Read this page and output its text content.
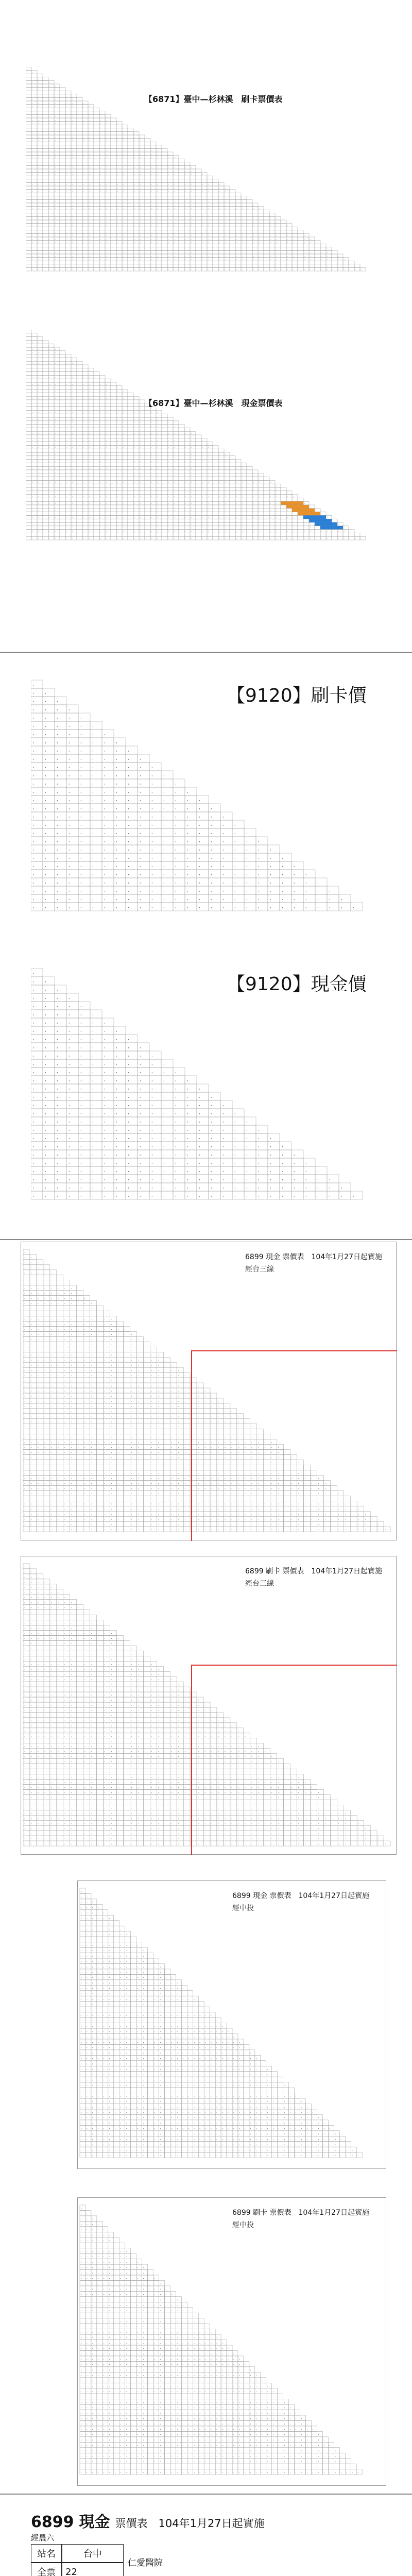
·
· ·
· · ·
· · · ·
· · · · ·
· · · · · ·
· · · · · · ·
· · · · · · · ·
· · · · · · · · ·
· · · · · · · · · ·
· · · · · · · · · · ·
· · · · · · · · · · · ·
· · · · · · · · · · · · ·
· · · · · · · · · · · · · ·
· · · · · · · · · · · · · · ·
· · · · · · · · · · · · · · · ·
· · · · · · · · · · · · · · · · ·
· · · · · · · · · · · · · · · · · ·
· · · · · · · · · · · · · · · · · · ·
· · · · · · · · · · · · · · · · · · · ·
· · · · · · · · · · · · · · · · · · · · ·
· · · · · · · · · · · · · · · · · · · · · ·
· · · · · · · · · · · · · · · · · · · · · · ·
· · · · · · · · · · · · · · · · · · · · · · · ·
· · · · · · · · · · · · · · · · · · · · · · · · ·
· · · · · · · · · · · · · · · · · · · · · · · · · ·
· · · · · · · · · · · · · · · · · · · · · · · · · · ·
· · · · · · · · · · · · · · · · · · · · · · · · · · · ·
· · · · · · · · · · · · · · · · · · · · · · · · · · · · ·
· · · · · · · · · · · · · · · · · · · · · · · · · · · · · ·
· · · · · · · · · · · · · · · · · · · · · · · · · · · · · · ·
· · · · · · · · · · · · · · · · · · · · · · · · · · · · · · · ·
· · · · · · · · · · · · · · · · · · · · · · · · · · · · · · · · ·
· · · · · · · · · · · · · · · · · · · · · · · · · · · · · · · · · ·
· · · · · · · · · · · · · · · · · · · · · · · · · · · · · · · · · · ·
· · · · · · · · · · · · · · · · · · · · · · · · · · · · · · · · · · · ·
· · · · · · · · · · · · · · · · · · · · · · · · · · · · · · · · · · · · ·
· · · · · · · · · · · · · · · · · · · · · · · · · · · · · · · · · · · · · ·
· · · · · · · · · · · · · · · · · · · · · · · · · · · · · · · · · · · · · · ·
· · · · · · · · · · · · · · · · · · · · · · · · · · · · · · · · · · · · · · · ·
· · · · · · · · · · · · · · · · · · · · · · · · · · · · · · · · · · · · · · · · ·
· · · · · · · · · · · · · · · · · · · · · · · · · · · · · · · · · · · · · · · · · ·
· · · · · · · · · · · · · · · · · · · · · · · · · · · · · · · · · · · · · · · · · · ·
· · · · · · · · · · · · · · · · · · · · · · · · · · · · · · · · · · · · · · · · · · · ·
· · · · · · · · · · · · · · · · · · · · · · · · · · · · · · · · · · · · · · · · · · · · ·
· · · · · · · · · · · · · · · · · · · · · · · · · · · · · · · · · · · · · · · · · · · · · ·
· · · · · · · · · · · · · · · · · · · · · · · · · · · · · · · · · · · · · · · · · · · · · · ·
· · · · · · · · · · · · · · · · · · · · · · · · · · · · · · · · · · · · · · · · · · · · · · · ·
· · · · · · · · · · · · · · · · · · · · · · · · · · · · · · · · · · · · · · · · · · · · · · · · ·
· · · · · · · · · · · · · · · · · · · · · · · · · · · · · · · · · · · · · · · · · · · · · · · · · ·
· · · · · · · · · · · · · · · · · · · · · · · · · · · · · · · · · · · · · · · · · · · · · · · · · · ·
· · · · · · · · · · · · · · · · · · · · · · · · · · · · · · · · · · · · · · · · · · · · · · · · · · · ·
· · · · · · · · · · · · · · · · · · · · · · · · · · · · · · · · · · · · · · · · · · · · · · · · · · · · ·
· · · · · · · · · · · · · · · · · · · · · · · · · · · · · · · · · · · · · · · · · · · · · · · · · · · · · ·
· · · · · · · · · · · · · · · · · · · · · · · · · · · · · · · · · · · · · · · · · · · · · · · · · · · · · · ·
· · · · · · · · · · · · · · · · · · · · · · · · · · · · · · · · · · · · · · · · · · · · · · · · · · · · · · · ·
· · · · · · · · · · · · · · · · · · · · · · · · · · · · · · · · · · · · · · · · · · · · · · · · · · · · · · · · ·
· · · · · · · · · · · · · · · · · · · · · · · · · · · · · · · · · · · · · · · · · · · · · · · · · · · · · · · · · ·
· · · · · · · · · · · · · · · · · · · · · · · · · · · · · · · · · · · · · · · · · · · · · · · · · · · · · · · · · · ·
· · · · · · · · · · · · · · · · · · · · · · · · · · · · · · · · · · · · · · · · · · · · · · · · · · · · · · · · · · · ·
【6871】臺中—杉林溪　刷卡票價表
·
· ·
· · ·
· · · ·
· · · · ·
· · · · · ·
· · · · · · ·
· · · · · · · ·
· · · · · · · · ·
· · · · · · · · · ·
· · · · · · · · · · ·
· · · · · · · · · · · ·
· · · · · · · · · · · · ·
· · · · · · · · · · · · · ·
· · · · · · · · · · · · · · ·
· · · · · · · · · · · · · · · ·
· · · · · · · · · · · · · · · · ·
· · · · · · · · · · · · · · · · · ·
· · · · · · · · · · · · · · · · · · ·
· · · · · · · · · · · · · · · · · · · ·
· · · · · · · · · · · · · · · · · · · · ·
· · · · · · · · · · · · · · · · · · · · · ·
· · · · · · · · · · · · · · · · · · · · · · ·
· · · · · · · · · · · · · · · · · · · · · · · ·
· · · · · · · · · · · · · · · · · · · · · · · · ·
· · · · · · · · · · · · · · · · · · · · · · · · · ·
· · · · · · · · · · · · · · · · · · · · · · · · · · ·
· · · · · · · · · · · · · · · · · · · · · · · · · · · ·
· · · · · · · · · · · · · · · · · · · · · · · · · · · · ·
· · · · · · · · · · · · · · · · · · · · · · · · · · · · · ·
· · · · · · · · · · · · · · · · · · · · · · · · · · · · · · ·
· · · · · · · · · · · · · · · · · · · · · · · · · · · · · · · ·
· · · · · · · · · · · · · · · · · · · · · · · · · · · · · · · · ·
· · · · · · · · · · · · · · · · · · · · · · · · · · · · · · · · · ·
· · · · · · · · · · · · · · · · · · · · · · · · · · · · · · · · · · ·
· · · · · · · · · · · · · · · · · · · · · · · · · · · · · · · · · · · ·
· · · · · · · · · · · · · · · · · · · · · · · · · · · · · · · · · · · · ·
· · · · · · · · · · · · · · · · · · · · · · · · · · · · · · · · · · · · · ·
· · · · · · · · · · · · · · · · · · · · · · · · · · · · · · · · · · · · · · ·
· · · · · · · · · · · · · · · · · · · · · · · · · · · · · · · · · · · · · · · ·
· · · · · · · · · · · · · · · · · · · · · · · · · · · · · · · · · · · · · · · · ·
· · · · · · · · · · · · · · · · · · · · · · · · · · · · · · · · · · · · · · · · · ·
· · · · · · · · · · · · · · · · · · · · · · · · · · · · · · · · · · · · · · · · · · ·
· · · · · · · · · · · · · · · · · · · · · · · · · · · · · · · · · · · · · · · · · · · ·
· · · · · · · · · · · · · · · · · · · · · · · · · · · · · · · · · · · · · · · · · · · · ·
· · · · · · · · · · · · · · · · · · · · · · · · · · · · · · · · · · · · · · · · · · · · · ·
· · · · · · · · · · · · · · · · · · · · · · · · · · · · · · · · · · · · · · · · · · · · · · ·
· · · · · · · · · · · · · · · · · · · · · · · · · · · · · · · · · · · · · · · · · · · · · · · ·
· · · · · · · · · · · · · · · · · · · · · · · · · · · · · · · · · · · · · · · · · · · · · · · · ·
· · · · · · · · · · · · · · · · · · · · · · · · · · · · · · · · · · · · · · · · · · · · ·	·
· · · · · · · · · · · · · · · · · · · · · · · · · · · · · · · · · · · · · · · · · · · · · ·	·
· · · · · · · · · · · · · · · · · · · · · · · · · · · · · · · · · · · · · · · · · · · · · · ·	·
· · · · · · · · · · · · · · · · · · · · · · · · · · · · · · · · · · · · · · · · · · · · · · · ·	·
· · · · · · · · · · · · · · · · · · · · · · · · · · · · · · · · · · · · · · · · · · · · · · · · ·	·
· · · · · · · · · · · · · · · · · · · · · · · · · · · · · · · · · · · · · · · · · · · · · · · · · ·	·
· · · · · · · · · · · · · · · · · · · · · · · · · · · · · · · · · · · · · · · · · · · · · · · · · · ·	·
· · · · · · · · · · · · · · · · · · · · · · · · · · · · · · · · · · · · · · · · · · · · · · · · · · · ·	·
· · · · · · · · · · · · · · · · · · · · · · · · · · · · · · · · · · · · · · · · · · · · · · · · · · · · · · · · · ·
· · · · · · · · · · · · · · · · · · · · · · · · · · · · · · · · · · · · · · · · · · · · · · · · · · · · · · · · · · ·
· · · · · · · · · · · · · · · · · · · · · · · · · · · · · · · · · · · · · · · · · · · · · · · · · · · · · · · · · · · ·
【6871】臺中—杉林溪　現金票價表
·
· ·
· · ·
· · · ·
· · · · ·
· · · · · ·
· · · · · · ·
· · · · · · · ·
· · · · · · · · ·
· · · · · · · · · ·
· · · · · · · · · · ·
· · · · · · · · · · · ·
· · · · · · · · · · · · ·
· · · · · · · · · · · · · ·
· · · · · · · · · · · · · · ·
· · · · · · · · · · · · · · · ·
· · · · · · · · · · · · · · · · ·
· · · · · · · · · · · · · · · · · ·
· · · · · · · · · · · · · · · · · · ·
· · · · · · · · · · · · · · · · · · · ·
· · · · · · · · · · · · · · · · · · · · ·
· · · · · · · · · · · · · · · · · · · · · ·
· · · · · · · · · · · · · · · · · · · · · · ·
· · · · · · · · · · · · · · · · · · · · · · · ·
· · · · · · · · · · · · · · · · · · · · · · · · ·
· · · · · · · · · · · · · · · · · · · · · · · · · ·
· · · · · · · · · · · · · · · · · · · · · · · · · · ·
· · · · · · · · · · · · · · · · · · · · · · · · · · · ·
【9120】刷卡價
·
· ·
· · ·
· · · ·
· · · · ·
· · · · · ·
· · · · · · ·
· · · · · · · ·
· · · · · · · · ·
· · · · · · · · · ·
· · · · · · · · · · ·
· · · · · · · · · · · ·
· · · · · · · · · · · · ·
· · · · · · · · · · · · · ·
· · · · · · · · · · · · · · ·
· · · · · · · · · · · · · · · ·
· · · · · · · · · · · · · · · · ·
· · · · · · · · · · · · · · · · · ·
· · · · · · · · · · · · · · · · · · ·
· · · · · · · · · · · · · · · · · · · ·
· · · · · · · · · · · · · · · · · · · · ·
· · · · · · · · · · · · · · · · · · · · · ·
· · · · · · · · · · · · · · · · · · · · · · ·
· · · · · · · · · · · · · · · · · · · · · · · ·
· · · · · · · · · · · · · · · · · · · · · · · · ·
· · · · · · · · · · · · · · · · · · · · · · · · · ·
· · · · · · · · · · · · · · · · · · · · · · · · · · ·
· · · · · · · · · · · · · · · · · · · · · · · · · · · ·
【9120】現金價
·
· ·
· · ·
· · · ·
· · · · ·
· · · · · ·
· · · · · · ·
· · · · · · · ·
· · · · · · · · ·
· · · · · · · · · ·
· · · · · · · · · · ·
· · · · · · · · · · · ·
· · · · · · · · · · · · ·
· · · · · · · · · · · · · ·
· · · · · · · · · · · · · · ·
· · · · · · · · · · · · · · · ·
· · · · · · · · · · · · · · · · ·
· · · · · · · · · · · · · · · · · ·
· · · · · · · · · · · · · · · · · · ·
· · · · · · · · · · · · · · · · · · · ·
· · · · · · · · · · · · · · · · · · · · ·
· · · · · · · · · · · · · · · · · · · · · ·
· · · · · · · · · · · · · · · · · · · · · · ·
· · · · · · · · · · · · · · · · · · · · · · · ·
· · · · · · · · · · · · · · · · · · · · · · · · ·
· · · · · · · · · · · · · · · · · · · · · · · · ·
· · · · · · · · · · · · · · · · · · · · · · · · ·	·
· · · · · · · · · · · · · · · · · · · · · · · · ·	· ·
· · · · · · · · · · · · · · · · · · · · · · · · ·	· · ·
· · · · · · · · · · · · · · · · · · · · · · · · ·	· · · ·
· · · · · · · · · · · · · · · · · · · · · · · · ·	· · · · ·
· · · · · · · · · · · · · · · · · · · · · · · · ·	· · · · · ·
· · · · · · · · · · · · · · · · · · · · · · · · ·	· · · · · · ·
· · · · · · · · · · · · · · · · · · · · · · · · ·	· · · · · · · ·
· · · · · · · · · · · · · · · · · · · · · · · · ·	· · · · · · · · ·
· · · · · · · · · · · · · · · · · · · · · · · · ·	· · · · · · · · · ·
· · · · · · · · · · · · · · · · · · · · · · · · ·	· · · · · · · · · · ·
· · · · · · · · · · · · · · · · · · · · · · · · ·	· · · · · · · · · · · ·
· · · · · · · · · · · · · · · · · · · · · · · · ·	· · · · · · · · · · · · ·
· · · · · · · · · · · · · · · · · · · · · · · · ·	· · · · · · · · · · · · · ·
· · · · · · · · · · · · · · · · · · · · · · · · ·	· · · · · · · · · · · · · · ·
· · · · · · · · · · · · · · · · · · · · · · · · ·	· · · · · · · · · · · · · · · ·
· · · · · · · · · · · · · · · · · · · · · · · · ·	· · · · · · · · · · · · · · · · ·
· · · · · · · · · · · · · · · · · · · · · · · · ·	· · · · · · · · · · · · · · · · · ·
· · · · · · · · · · · · · · · · · · · · · · · · ·	· · · · · · · · · · · · · · · · · · ·
· · · · · · · · · · · · · · · · · · · · · · · · ·	· · · · · · · · · · · · · · · · · · · ·
· · · · · · · · · · · · · · · · · · · · · · · · ·	· · · · · · · · · · · · · · · · · · · · ·
· · · · · · · · · · · · · · · · · · · · · · · · ·	· · · · · · · · · · · · · · · · · · · · · ·
· · · · · · · · · · · · · · · · · · · · · · · · ·	· · · · · · · · · · · · · · · · · · · · · · ·
· · · · · · · · · · · · · · · · · · · · · · · · ·	· · · · · · · · · · · · · · · · · · · · · · · ·
· · · · · · · · · · · · · · · · · · · · · · · · ·	· · · · · · · · · · · · · · · · · · · · · · · · ·
· · · · · · · · · · · · · · · · · · · · · · · · ·	· · · · · · · · · · · · · · · · · · · · · · · · · ·
· · · · · · · · · · · · · · · · · · · · · · · · ·	· · · · · · · · · · · · · · · · · · · · · · · · · · ·
· · · · · · · · · · · · · · · · · · · · · · · · ·	· · · · · · · · · · · · · · · · · · · · · · · · · · · ·
· · · · · · · · · · · · · · · · · · · · · · · · ·	· · · · · · · · · · · · · · · · · · · · · · · · · · · · ·
6899 現金 票價表　104年1月27日起實施
經台三線
·
· ·
· · ·
· · · ·
· · · · ·
· · · · · ·
· · · · · · ·
· · · · · · · ·
· · · · · · · · ·
· · · · · · · · · ·
· · · · · · · · · · ·
· · · · · · · · · · · ·
· · · · · · · · · · · · ·
· · · · · · · · · · · · · ·
· · · · · · · · · · · · · · ·
· · · · · · · · · · · · · · · ·
· · · · · · · · · · · · · · · · ·
· · · · · · · · · · · · · · · · · ·
· · · · · · · · · · · · · · · · · · ·
· · · · · · · · · · · · · · · · · · · ·
· · · · · · · · · · · · · · · · · · · · ·
· · · · · · · · · · · · · · · · · · · · · ·
· · · · · · · · · · · · · · · · · · · · · · ·
· · · · · · · · · · · · · · · · · · · · · · · ·
· · · · · · · · · · · · · · · · · · · · · · · · ·
· · · · · · · · · · · · · · · · · · · · · · · · ·
· · · · · · · · · · · · · · · · · · · · · · · · ·	·
· · · · · · · · · · · · · · · · · · · · · · · · ·	· ·
· · · · · · · · · · · · · · · · · · · · · · · · ·	· · ·
· · · · · · · · · · · · · · · · · · · · · · · · ·	· · · ·
· · · · · · · · · · · · · · · · · · · · · · · · ·	· · · · ·
· · · · · · · · · · · · · · · · · · · · · · · · ·	· · · · · ·
· · · · · · · · · · · · · · · · · · · · · · · · ·	· · · · · · ·
· · · · · · · · · · · · · · · · · · · · · · · · ·	· · · · · · · ·
· · · · · · · · · · · · · · · · · · · · · · · · ·	· · · · · · · · ·
· · · · · · · · · · · · · · · · · · · · · · · · ·	· · · · · · · · · ·
· · · · · · · · · · · · · · · · · · · · · · · · ·	· · · · · · · · · · ·
· · · · · · · · · · · · · · · · · · · · · · · · ·	· · · · · · · · · · · ·
· · · · · · · · · · · · · · · · · · · · · · · · ·	· · · · · · · · · · · · ·
· · · · · · · · · · · · · · · · · · · · · · · · ·	· · · · · · · · · · · · · ·
· · · · · · · · · · · · · · · · · · · · · · · · ·	· · · · · · · · · · · · · · ·
· · · · · · · · · · · · · · · · · · · · · · · · ·	· · · · · · · · · · · · · · · ·
· · · · · · · · · · · · · · · · · · · · · · · · ·	· · · · · · · · · · · · · · · · ·
· · · · · · · · · · · · · · · · · · · · · · · · ·	· · · · · · · · · · · · · · · · · ·
· · · · · · · · · · · · · · · · · · · · · · · · ·	· · · · · · · · · · · · · · · · · · ·
· · · · · · · · · · · · · · · · · · · · · · · · ·	· · · · · · · · · · · · · · · · · · · ·
· · · · · · · · · · · · · · · · · · · · · · · · ·	· · · · · · · · · · · · · · · · · · · · ·
· · · · · · · · · · · · · · · · · · · · · · · · ·	· · · · · · · · · · · · · · · · · · · · · ·
· · · · · · · · · · · · · · · · · · · · · · · · ·	· · · · · · · · · · · · · · · · · · · · · · ·
· · · · · · · · · · · · · · · · · · · · · · · · ·	· · · · · · · · · · · · · · · · · · · · · · · ·
· · · · · · · · · · · · · · · · · · · · · · · · ·	· · · · · · · · · · · · · · · · · · · · · · · · ·
· · · · · · · · · · · · · · · · · · · · · · · · ·	· · · · · · · · · · · · · · · · · · · · · · · · · ·
· · · · · · · · · · · · · · · · · · · · · · · · ·	· · · · · · · · · · · · · · · · · · · · · · · · · · ·
· · · · · · · · · · · · · · · · · · · · · · · · ·	· · · · · · · · · · · · · · · · · · · · · · · · · · · ·
· · · · · · · · · · · · · · · · · · · · · · · · ·	· · · · · · · · · · · · · · · · · · · · · · · · · · · · ·
6899 刷卡 票價表　104年1月27日起實施
經台三線
·
· ·
· · ·
· · · ·
· · · · ·
· · · · · ·
· · · · · · ·
· · · · · · · ·
· · · · · · · · ·
· · · · · · · · · ·
· · · · · · · · · · ·
· · · · · · · · · · · ·
· · · · · · · · · · · · ·
· · · · · · · · · · · · · ·
· · · · · · · · · · · · · · ·
· · · · · · · · · · · · · · · ·
· · · · · · · · · · · · · · · · ·
· · · · · · · · · · · · · · · · · ·
· · · · · · · · · · · · · · · · · · ·
· · · · · · · · · · · · · · · · · · · ·
· · · · · · · · · · · · · · · · · · · · ·
· · · · · · · · · · · · · · · · · · · · · ·
· · · · · · · · · · · · · · · · · · · · · · ·
· · · · · · · · · · · · · · · · · · · · · · · ·
· · · · · · · · · · · · · · · · · · · · · · · · ·
· · · · · · · · · · · · · · · · · · · · · · · · · ·
· · · · · · · · · · · · · · · · · · · · · · · · · · ·
· · · · · · · · · · · · · · · · · · · · · · · · · · · ·
· · · · · · · · · · · · · · · · · · · · · · · · · · · · ·
· · · · · · · · · · · · · · · · · · · · · · · · · · · · · ·
· · · · · · · · · · · · · · · · · · · · · · · · · · · · · · ·
· · · · · · · · · · · · · · · · · · · · · · · · · · · · · · · ·
· · · · · · · · · · · · · · · · · · · · · · · · · · · · · · · · ·
· · · · · · · · · · · · · · · · · · · · · · · · · · · · · · · · · ·
· · · · · · · · · · · · · · · · · · · · · · · · · · · · · · · · · · ·
· · · · · · · · · · · · · · · · · · · · · · · · · · · · · · · · · · · ·
· · · · · · · · · · · · · · · · · · · · · · · · · · · · · · · · · · · · ·
· · · · · · · · · · · · · · · · · · · · · · · · · · · · · · · · · · · · · ·
· · · · · · · · · · · · · · · · · · · · · · · · · · · · · · · · · · · · · · ·
· · · · · · · · · · · · · · · · · · · · · · · · · · · · · · · · · · · · · · · ·
· · · · · · · · · · · · · · · · · · · · · · · · · · · · · · · · · · · · · · · · ·
· · · · · · · · · · · · · · · · · · · · · · · · · · · · · · · · · · · · · · · · · ·
· · · · · · · · · · · · · · · · · · · · · · · · · · · · · · · · · · · · · · · · · · ·
· · · · · · · · · · · · · · · · · · · · · · · · · · · · · · · · · · · · · · · · · · · ·
· · · · · · · · · · · · · · · · · · · · · · · · · · · · · · · · · · · · · · · · · · · · ·
· · · · · · · · · · · · · · · · · · · · · · · · · · · · · · · · · · · · · · · · · · · · · ·
· · · · · · · · · · · · · · · · · · · · · · · · · · · · · · · · · · · · · · · · · · · · · · ·
· · · · · · · · · · · · · · · · · · · · · · · · · · · · · · · · · · · · · · · · · · · · · · · ·
· · · · · · · · · · · · · · · · · · · · · · · · · · · · · · · · · · · · · · · · · · · · · · · · ·
· · · · · · · · · · · · · · · · · · · · · · · · · · · · · · · · · · · · · · · · · · · · · · · · · ·
6899 現金 票價表　104年1月27日起實施
經中投
·
· ·
· · ·
· · · ·
· · · · ·
· · · · · ·
· · · · · · ·
· · · · · · · ·
· · · · · · · · ·
· · · · · · · · · ·
· · · · · · · · · · ·
· · · · · · · · · · · ·
· · · · · · · · · · · · ·
· · · · · · · · · · · · · ·
· · · · · · · · · · · · · · ·
· · · · · · · · · · · · · · · ·
· · · · · · · · · · · · · · · · ·
· · · · · · · · · · · · · · · · · ·
· · · · · · · · · · · · · · · · · · ·
· · · · · · · · · · · · · · · · · · · ·
· · · · · · · · · · · · · · · · · · · · ·
· · · · · · · · · · · · · · · · · · · · · ·
· · · · · · · · · · · · · · · · · · · · · · ·
· · · · · · · · · · · · · · · · · · · · · · · ·
· · · · · · · · · · · · · · · · · · · · · · · · ·
· · · · · · · · · · · · · · · · · · · · · · · · · ·
· · · · · · · · · · · · · · · · · · · · · · · · · · ·
· · · · · · · · · · · · · · · · · · · · · · · · · · · ·
· · · · · · · · · · · · · · · · · · · · · · · · · · · · ·
· · · · · · · · · · · · · · · · · · · · · · · · · · · · · ·
· · · · · · · · · · · · · · · · · · · · · · · · · · · · · · ·
· · · · · · · · · · · · · · · · · · · · · · · · · · · · · · · ·
· · · · · · · · · · · · · · · · · · · · · · · · · · · · · · · · ·
· · · · · · · · · · · · · · · · · · · · · · · · · · · · · · · · · ·
· · · · · · · · · · · · · · · · · · · · · · · · · · · · · · · · · · ·
· · · · · · · · · · · · · · · · · · · · · · · · · · · · · · · · · · · ·
· · · · · · · · · · · · · · · · · · · · · · · · · · · · · · · · · · · · ·
· · · · · · · · · · · · · · · · · · · · · · · · · · · · · · · · · · · · · ·
· · · · · · · · · · · · · · · · · · · · · · · · · · · · · · · · · · · · · · ·
· · · · · · · · · · · · · · · · · · · · · · · · · · · · · · · · · · · · · · · ·
· · · · · · · · · · · · · · · · · · · · · · · · · · · · · · · · · · · · · · · · ·
· · · · · · · · · · · · · · · · · · · · · · · · · · · · · · · · · · · · · · · · · ·
· · · · · · · · · · · · · · · · · · · · · · · · · · · · · · · · · · · · · · · · · · ·
· · · · · · · · · · · · · · · · · · · · · · · · · · · · · · · · · · · · · · · · · · · ·
· · · · · · · · · · · · · · · · · · · · · · · · · · · · · · · · · · · · · · · · · · · · ·
· · · · · · · · · · · · · · · · · · · · · · · · · · · · · · · · · · · · · · · · · · · · · ·
· · · · · · · · · · · · · · · · · · · · · · · · · · · · · · · · · · · · · · · · · · · · · · ·
· · · · · · · · · · · · · · · · · · · · · · · · · · · · · · · · · · · · · · · · · · · · · · · ·
· · · · · · · · · · · · · · · · · · · · · · · · · · · · · · · · · · · · · · · · · · · · · · · · ·
· · · · · · · · · · · · · · · · · · · · · · · · · · · · · · · · · · · · · · · · · · · · · · · · · ·
6899 刷卡 票價表　104年1月27日起實施
經中投
6899 現金 票價表　104年1月27日起實施
經農六
站名	台中
全票	22
仁愛醫院
